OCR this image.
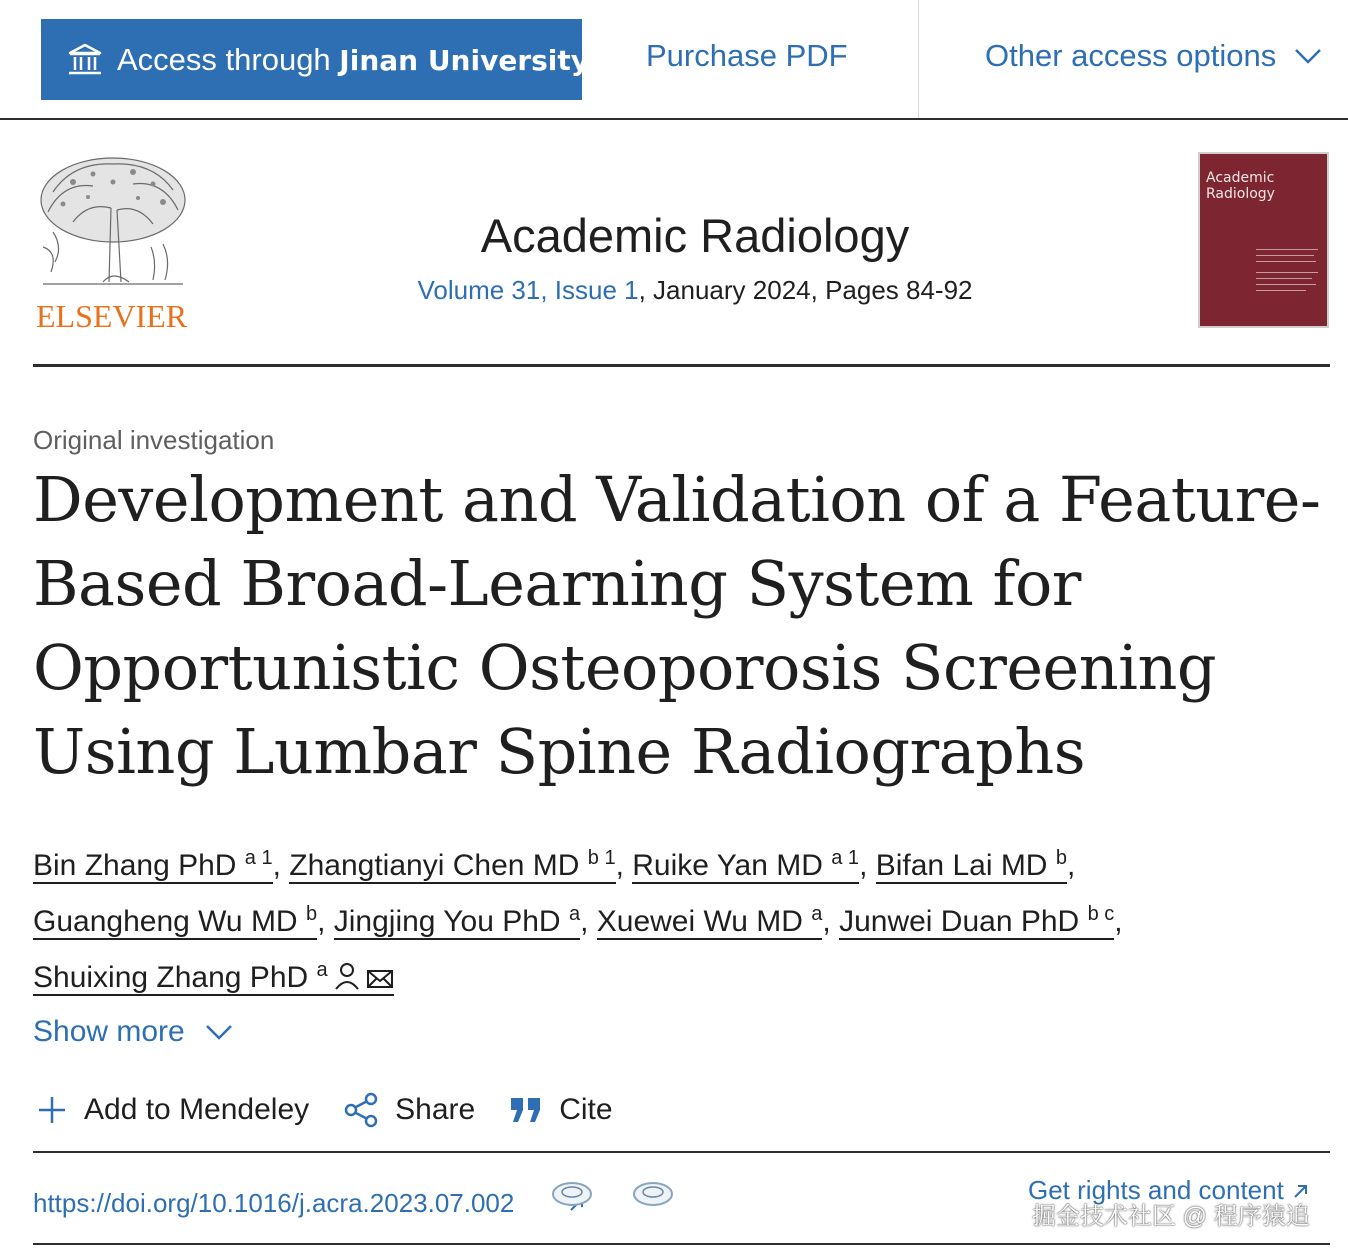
Access through Jinan University Purchase PDF	Other access options
ELSEVIER
Academic Radiology
Volume 31, Issue 1, January 2024, Pages 84-92
Academic
Radiology
Original investigation
Development and Validation of a Feature-Based Broad-Learning System for Opportunistic Osteoporosis Screening Using Lumbar Spine Radiographs
Bin Zhang PhD $^{a 1}$, Zhangtianyi Chen MD $^{b 1}$, Ruike Yan MD $^{a 1}$, Bifan Lai MD $^b$,
Guangheng Wu MD $^b$, Jingjing You PhD $^a$, Xuewei Wu MD $^a$, Junwei Duan PhD $^{b c}$,
Shuixing Zhang PhD $^a$
Show more
Add to Mendeley	Share	Cite
https://doi.org/10.1016/j.acra.2023.07.002	Get rights and content
掘金技术社区 @ 程序猿追
